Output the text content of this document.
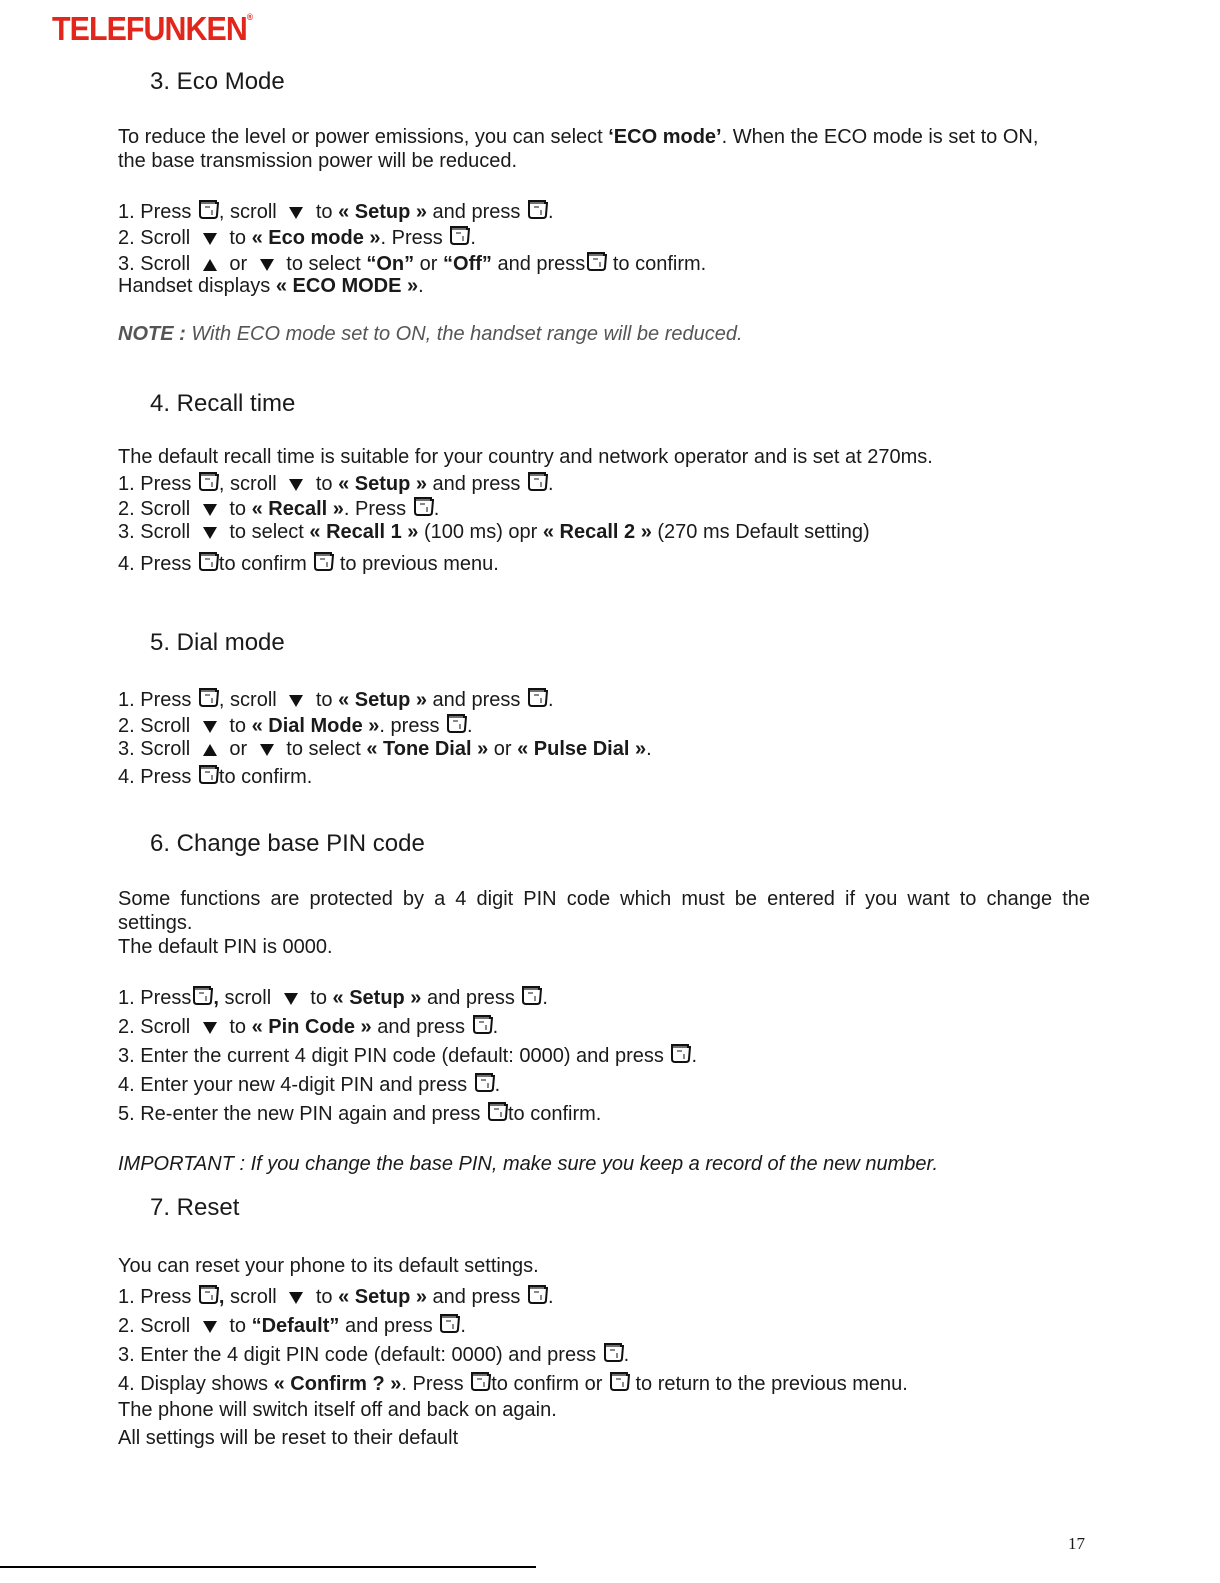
TELEFUNKEN®
3. Eco Mode
To reduce the level or power emissions, you can select ‘ECO mode’. When the ECO mode is set to ON,
the base transmission power will be reduced.
1. Press , scroll  to « Setup » and press .
2. Scroll  to « Eco mode ». Press .
3. Scroll  or  to select “On” or “Off” and press to confirm.
Handset displays « ECO MODE ».
NOTE : With ECO mode set to ON, the handset range will be reduced.
4. Recall time
The default recall time is suitable for your country and network operator and is set at 270ms.
1. Press , scroll  to « Setup » and press .
2. Scroll  to « Recall ». Press .
3. Scroll  to select « Recall 1 » (100 ms) opr « Recall 2 » (270 ms Default setting)
4. Press to confirm  to previous menu.
5. Dial mode
1. Press , scroll  to « Setup » and press .
2. Scroll  to « Dial Mode ». press .
3. Scroll  or  to select « Tone Dial » or « Pulse Dial ».
4. Press to confirm.
6. Change base PIN code
Some functions are protected by a 4 digit PIN code which must be entered if you want to change the
settings.
The default PIN is 0000.
1. Press , scroll  to « Setup » and press .
2. Scroll  to « Pin Code » and press .
3. Enter the current 4 digit PIN code (default: 0000) and press .
4. Enter your new 4-digit PIN and press .
5. Re-enter the new PIN again and press to confirm.
IMPORTANT : If you change the base PIN, make sure you keep a record of the new number.
7. Reset
You can reset your phone to its default settings.
1. Press , scroll  to « Setup » and press .
2. Scroll  to “Default” and press .
3. Enter the 4 digit PIN code (default: 0000) and press .
4. Display shows « Confirm ? ». Press to confirm or  to return to the previous menu.
The phone will switch itself off and back on again.
All settings will be reset to their default
17
